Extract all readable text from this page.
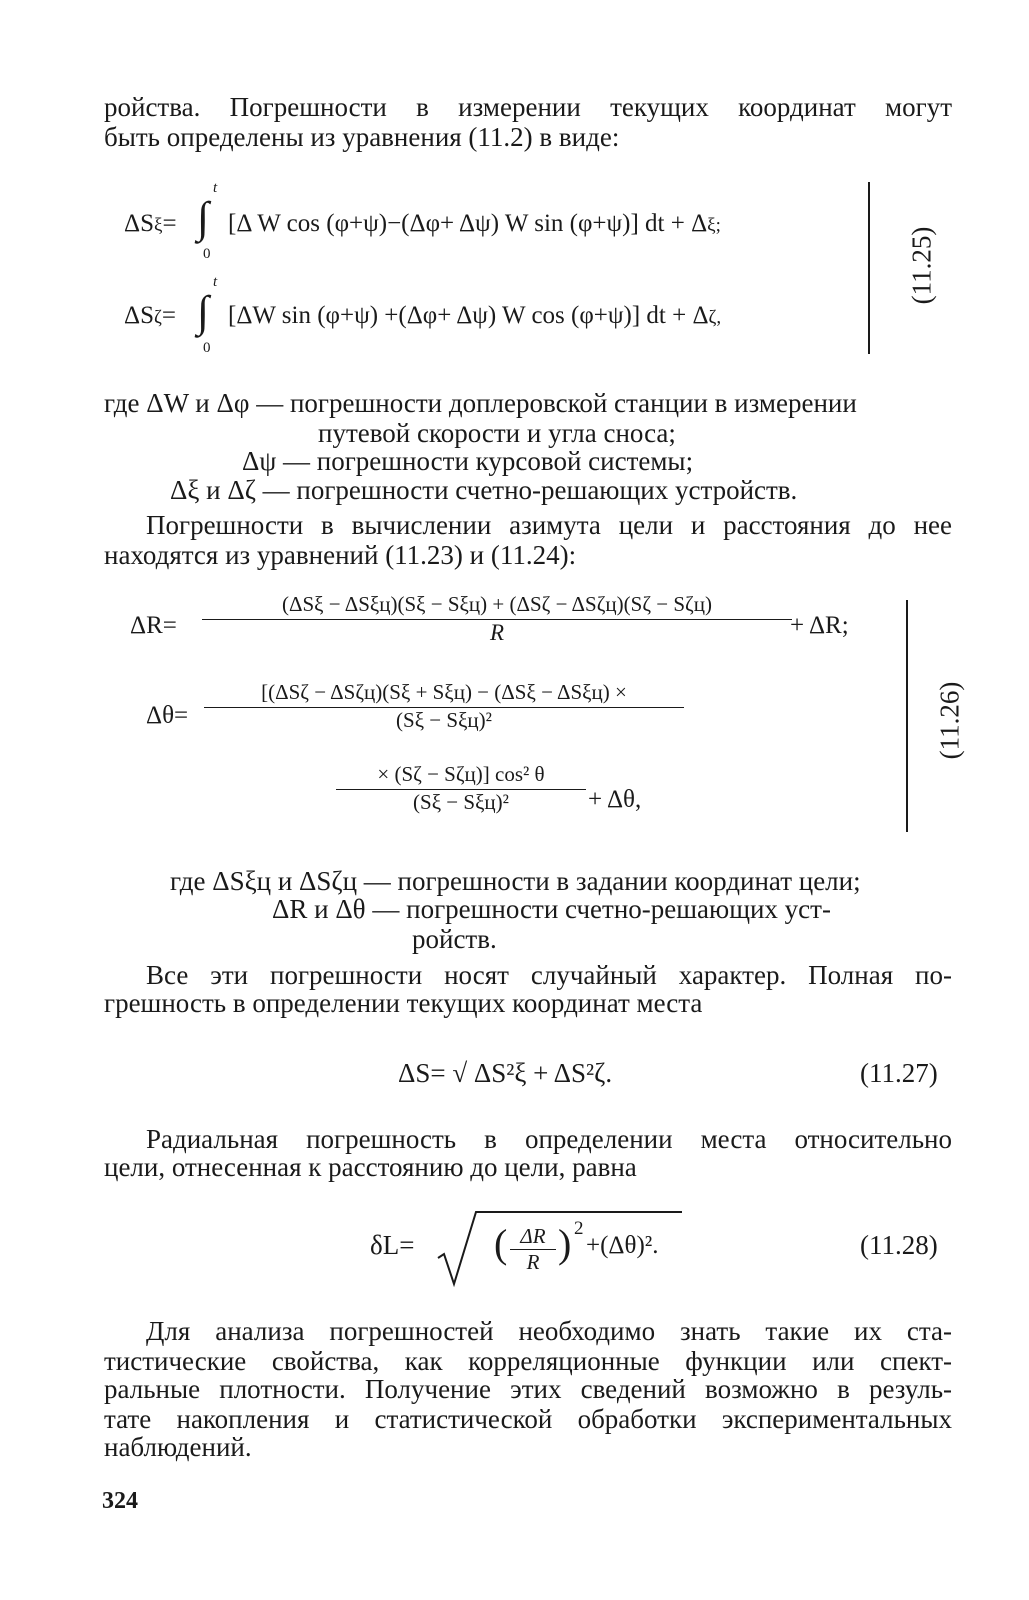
ройства. Погрешности в измерении текущих координат могут
быть определены из уравнения (11.2) в виде:
ΔSξ= ∫
t
0
[Δ W cos (φ+ψ)−(Δφ+ Δψ) W sin (φ+ψ)] dt + Δξ;
ΔSζ= ∫
t
0
[ΔW sin (φ+ψ) +(Δφ+ Δψ) W cos (φ+ψ)] dt + Δζ,
(11.25)
где ΔW и Δφ — погрешности доплеровской станции в измерении
путевой скорости и угла сноса;
Δψ — погрешности курсовой системы;
Δξ и Δζ — погрешности счетно-решающих устройств.
Погрешности в вычислении азимута цели и расстояния до нее
находятся из уравнений (11.23) и (11.24):
ΔR=
(ΔSξ − ΔSξц)(Sξ − Sξц) + (ΔSζ − ΔSζц)(Sζ − Sζц)
R	+ ΔR;
Δθ=
[(ΔSζ − ΔSζц)(Sξ + Sξц) − (ΔSξ − ΔSξц) ×
(Sξ − Sξц)²
× (Sζ − Sζц)] cos² θ
(Sξ − Sξц)²	+ Δθ,
(11.26)
где ΔSξц и ΔSζц — погрешности в задании координат цели;
ΔR и Δθ — погрешности счетно-решающих уст-
ройств.
Все эти погрешности носят случайный характер. Полная по-
грешность в определении текущих координат места
ΔS= √ ΔS²ξ + ΔS²ζ.	(11.27)
Радиальная погрешность в определении места относительно
цели, отнесенная к расстоянию до цели, равна
δL= ( $\frac{\Delta R}{R}$ ) 2
+(Δθ)².	(11.28)
Для анализа погрешностей необходимо знать такие их ста-
тистические свойства, как корреляционные функции или спект-
ральные плотности. Получение этих сведений возможно в резуль-
тате накопления и статистической обработки экспериментальных
наблюдений.
324
